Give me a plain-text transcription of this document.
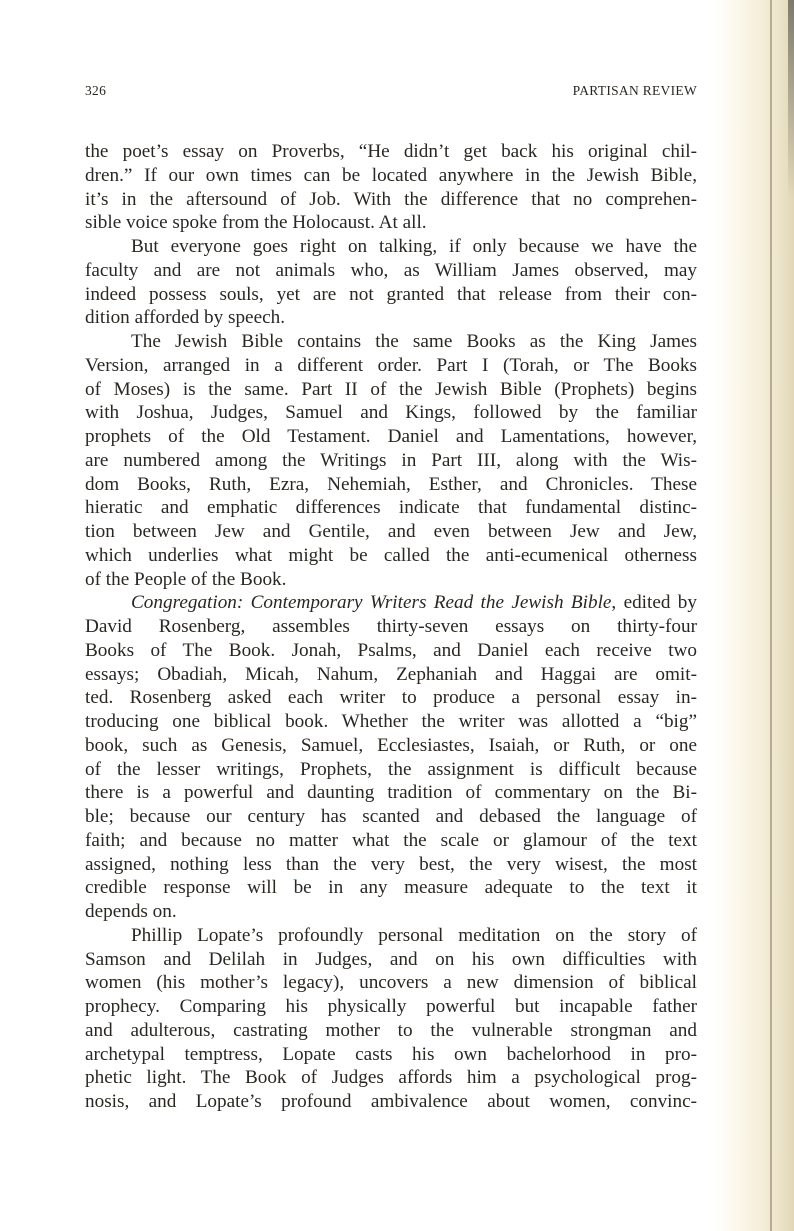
326	PARTISAN REVIEW
the poet’s essay on Proverbs, “He didn’t get back his original chil-
dren.” If our own times can be located anywhere in the Jewish Bible,
it’s in the aftersound of Job. With the difference that no comprehen-
sible voice spoke from the Holocaust. At all.
But everyone goes right on talking, if only because we have the
faculty and are not animals who, as William James observed, may
indeed possess souls, yet are not granted that release from their con-
dition afforded by speech.
The Jewish Bible contains the same Books as the King James
Version, arranged in a different order. Part I (Torah, or The Books
of Moses) is the same. Part II of the Jewish Bible (Prophets) begins
with Joshua, Judges, Samuel and Kings, followed by the familiar
prophets of the Old Testament. Daniel and Lamentations, however,
are numbered among the Writings in Part III, along with the Wis-
dom Books, Ruth, Ezra, Nehemiah, Esther, and Chronicles. These
hieratic and emphatic differences indicate that fundamental distinc-
tion between Jew and Gentile, and even between Jew and Jew,
which underlies what might be called the anti-ecumenical otherness
of the People of the Book.
Congregation: Contemporary Writers Read the Jewish Bible, edited by
David Rosenberg, assembles thirty-seven essays on thirty-four
Books of The Book. Jonah, Psalms, and Daniel each receive two
essays; Obadiah, Micah, Nahum, Zephaniah and Haggai are omit-
ted. Rosenberg asked each writer to produce a personal essay in-
troducing one biblical book. Whether the writer was allotted a “big”
book, such as Genesis, Samuel, Ecclesiastes, Isaiah, or Ruth, or one
of the lesser writings, Prophets, the assignment is difficult because
there is a powerful and daunting tradition of commentary on the Bi-
ble; because our century has scanted and debased the language of
faith; and because no matter what the scale or glamour of the text
assigned, nothing less than the very best, the very wisest, the most
credible response will be in any measure adequate to the text it
depends on.
Phillip Lopate’s profoundly personal meditation on the story of
Samson and Delilah in Judges, and on his own difficulties with
women (his mother’s legacy), uncovers a new dimension of biblical
prophecy. Comparing his physically powerful but incapable father
and adulterous, castrating mother to the vulnerable strongman and
archetypal temptress, Lopate casts his own bachelorhood in pro-
phetic light. The Book of Judges affords him a psychological prog-
nosis, and Lopate’s profound ambivalence about women, convinc-
